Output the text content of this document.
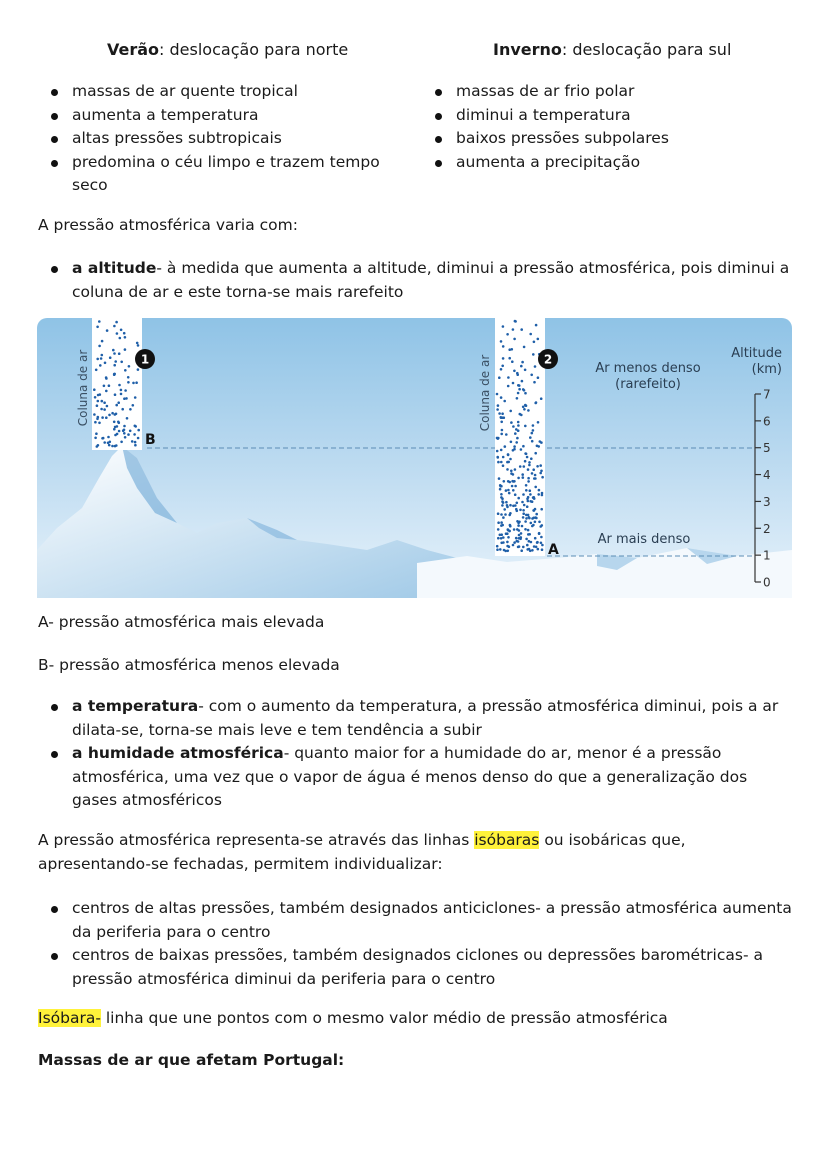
Verão: deslocação para norte	Inverno: deslocação para sul
massas de ar quente tropical
aumenta a temperatura
altas pressões subtropicais
predomina o céu limpo e trazem tempo seco
massas de ar frio polar
diminui a temperatura
baixos pressões subpolares
aumenta a precipitação
A pressão atmosférica varia com:
a altitude- à medida que aumenta a altitude, diminui a pressão atmosférica, pois diminui a coluna de ar e este torna-se mais rarefeito
Coluna de ar	Coluna de ar
1	2
B
A
Ar menos denso
(rarefeito)
Ar mais denso
Altitude
(km)
7
6
5
4
3
2
1
0
A- pressão atmosférica mais elevada
B- pressão atmosférica menos elevada
a temperatura- com o aumento da temperatura, a pressão atmosférica diminui, pois a ar dilata-se, torna-se mais leve e tem tendência a subir
a humidade atmosférica- quanto maior for a humidade do ar, menor é a pressão atmosférica, uma vez que o vapor de água é menos denso do que a generalização dos gases atmosféricos
A pressão atmosférica representa-se através das linhas isóbaras ou isobáricas que, apresentando-se fechadas, permitem individualizar:
centros de altas pressões, também designados anticiclones- a pressão atmosférica aumenta da periferia para o centro
centros de baixas pressões, também designados ciclones ou depressões barométricas- a pressão atmosférica diminui da periferia para o centro
Isóbara- linha que une pontos com o mesmo valor médio de pressão atmosférica
Massas de ar que afetam Portugal:
